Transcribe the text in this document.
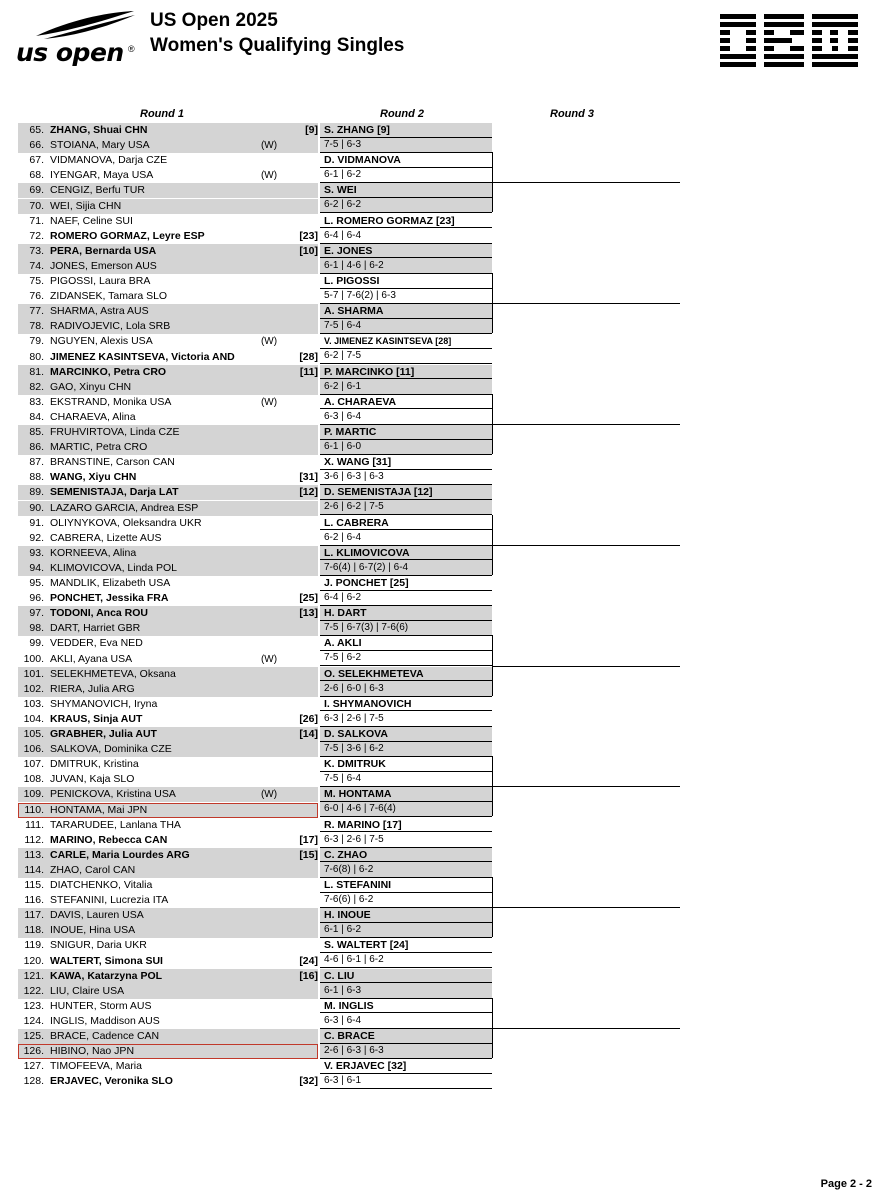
us open ®
US Open 2025
Women's Qualifying Singles
Round 1	Round 2	Round 3
65. ZHANG, Shuai CHN	[9]
66. STOIANA, Mary USA	(W)
67. VIDMANOVA, Darja CZE
68. IYENGAR, Maya USA	(W)
69. CENGIZ, Berfu TUR
70. WEI, Sijia CHN
71. NAEF, Celine SUI
72. ROMERO GORMAZ, Leyre ESP	[23]
73. PERA, Bernarda USA	[10]
74. JONES, Emerson AUS
75. PIGOSSI, Laura BRA
76. ZIDANSEK, Tamara SLO
77. SHARMA, Astra AUS
78. RADIVOJEVIC, Lola SRB
79. NGUYEN, Alexis USA	(W)
80. JIMENEZ KASINTSEVA, Victoria AND	[28]
81. MARCINKO, Petra CRO	[11]
82. GAO, Xinyu CHN
83. EKSTRAND, Monika USA	(W)
84. CHARAEVA, Alina
85. FRUHVIRTOVA, Linda CZE
86. MARTIC, Petra CRO
87. BRANSTINE, Carson CAN
88. WANG, Xiyu CHN	[31]
89. SEMENISTAJA, Darja LAT	[12]
90. LAZARO GARCIA, Andrea ESP
91. OLIYNYKOVA, Oleksandra UKR
92. CABRERA, Lizette AUS
93. KORNEEVA, Alina
94. KLIMOVICOVA, Linda POL
95. MANDLIK, Elizabeth USA
96. PONCHET, Jessika FRA	[25]
97. TODONI, Anca ROU	[13]
98. DART, Harriet GBR
99. VEDDER, Eva NED
100. AKLI, Ayana USA	(W)
101. SELEKHMETEVA, Oksana
102. RIERA, Julia ARG
103. SHYMANOVICH, Iryna
104. KRAUS, Sinja AUT	[26]
105. GRABHER, Julia AUT	[14]
106. SALKOVA, Dominika CZE
107. DMITRUK, Kristina
108. JUVAN, Kaja SLO
109. PENICKOVA, Kristina USA	(W)
110. HONTAMA, Mai JPN
111. TARARUDEE, Lanlana THA
112. MARINO, Rebecca CAN	[17]
113. CARLE, Maria Lourdes ARG	[15]
114. ZHAO, Carol CAN
115. DIATCHENKO, Vitalia
116. STEFANINI, Lucrezia ITA
117. DAVIS, Lauren USA
118. INOUE, Hina USA
119. SNIGUR, Daria UKR
120. WALTERT, Simona SUI	[24]
121. KAWA, Katarzyna POL	[16]
122. LIU, Claire USA
123. HUNTER, Storm AUS
124. INGLIS, Maddison AUS
125. BRACE, Cadence CAN
126. HIBINO, Nao JPN
127. TIMOFEEVA, Maria
128. ERJAVEC, Veronika SLO	[32]
S. ZHANG [9]
7-5 | 6-3
D. VIDMANOVA
6-1 | 6-2
S. WEI
6-2 | 6-2
L. ROMERO GORMAZ [23]
6-4 | 6-4
E. JONES
6-1 | 4-6 | 6-2
L. PIGOSSI
5-7 | 7-6(2) | 6-3
A. SHARMA
7-5 | 6-4
V. JIMENEZ KASINTSEVA [28]
6-2 | 7-5
P. MARCINKO [11]
6-2 | 6-1
A. CHARAEVA
6-3 | 6-4
P. MARTIC
6-1 | 6-0
X. WANG [31]
3-6 | 6-3 | 6-3
D. SEMENISTAJA [12]
2-6 | 6-2 | 7-5
L. CABRERA
6-2 | 6-4
L. KLIMOVICOVA
7-6(4) | 6-7(2) | 6-4
J. PONCHET [25]
6-4 | 6-2
H. DART
7-5 | 6-7(3) | 7-6(6)
A. AKLI
7-5 | 6-2
O. SELEKHMETEVA
2-6 | 6-0 | 6-3
I. SHYMANOVICH
6-3 | 2-6 | 7-5
D. SALKOVA
7-5 | 3-6 | 6-2
K. DMITRUK
7-5 | 6-4
M. HONTAMA
6-0 | 4-6 | 7-6(4)
R. MARINO [17]
6-3 | 2-6 | 7-5
C. ZHAO
7-6(8) | 6-2
L. STEFANINI
7-6(6) | 6-2
H. INOUE
6-1 | 6-2
S. WALTERT [24]
4-6 | 6-1 | 6-2
C. LIU
6-1 | 6-3
M. INGLIS
6-3 | 6-4
C. BRACE
2-6 | 6-3 | 6-3
V. ERJAVEC [32]
6-3 | 6-1
Page 2 - 2
